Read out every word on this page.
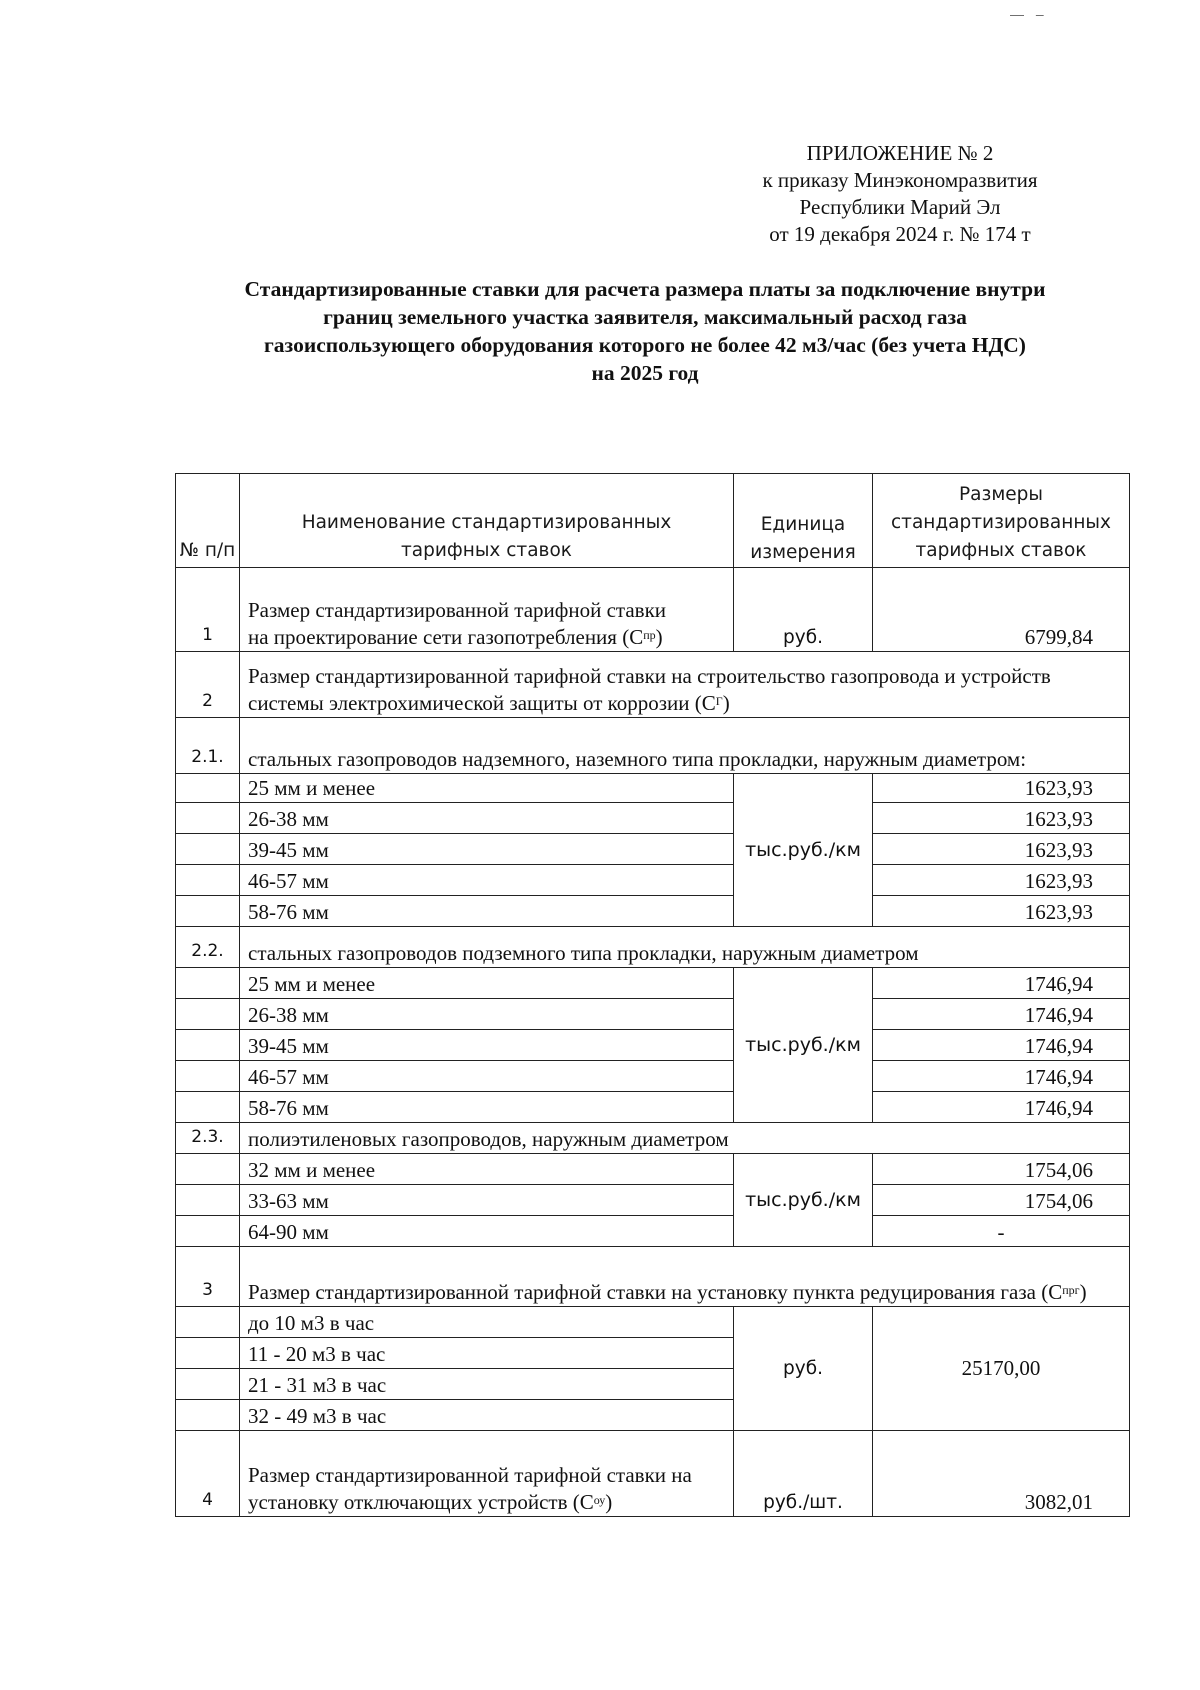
— –
ПРИЛОЖЕНИЕ № 2
к приказу Минэкономразвития
Республики Марий Эл
от 19 декабря 2024 г. № 174 т
Стандартизированные ставки для расчета размера платы за подключение внутри
границ земельного участка заявителя, максимальный расход газа
газоиспользующего оборудования которого не более 42 м3/час (без учета НДС)
на 2025 год
№ п/п	Наименование стандартизированных тарифных ставок	Единица измерения	Размеры стандартизированных тарифных ставок
1	Размер стандартизированной тарифной ставки на проектирование сети газопотребления $(С^{пр})$	руб.	6799,84
2	Размер стандартизированной тарифной ставки на строительство газопровода и устройств системы электрохимической защиты от коррозии $(С^Г)$		
2.1.	стальных газопроводов надземного, наземного типа прокладки, наружным диаметром:		
	25 мм и менее	тыс.руб./км	1623,93
	26-38 мм		1623,93
	39-45 мм		1623,93
	46-57 мм		1623,93
	58-76 мм		1623,93
2.2.	стальных газопроводов подземного типа прокладки, наружным диаметром		
	25 мм и менее	тыс.руб./км	1746,94
	26-38 мм		1746,94
	39-45 мм		1746,94
	46-57 мм		1746,94
	58-76 мм		1746,94
2.3.	полиэтиленовых газопроводов, наружным диаметром		
	32 мм и менее	тыс.руб./км	1754,06
	33-63 мм		1754,06
	64-90 мм		-
3	Размер стандартизированной тарифной ставки на установку пункта редуцирования газа $(С^{прг})$		
	до 10 м3 в час	руб.	25170,00
	11 - 20 м3 в час		
	21 - 31 м3 в час		
	32 - 49 м3 в час		
4	Размер стандартизированной тарифной ставки на установку отключающих устройств $(С^{оу})$	руб./шт.	3082,01
